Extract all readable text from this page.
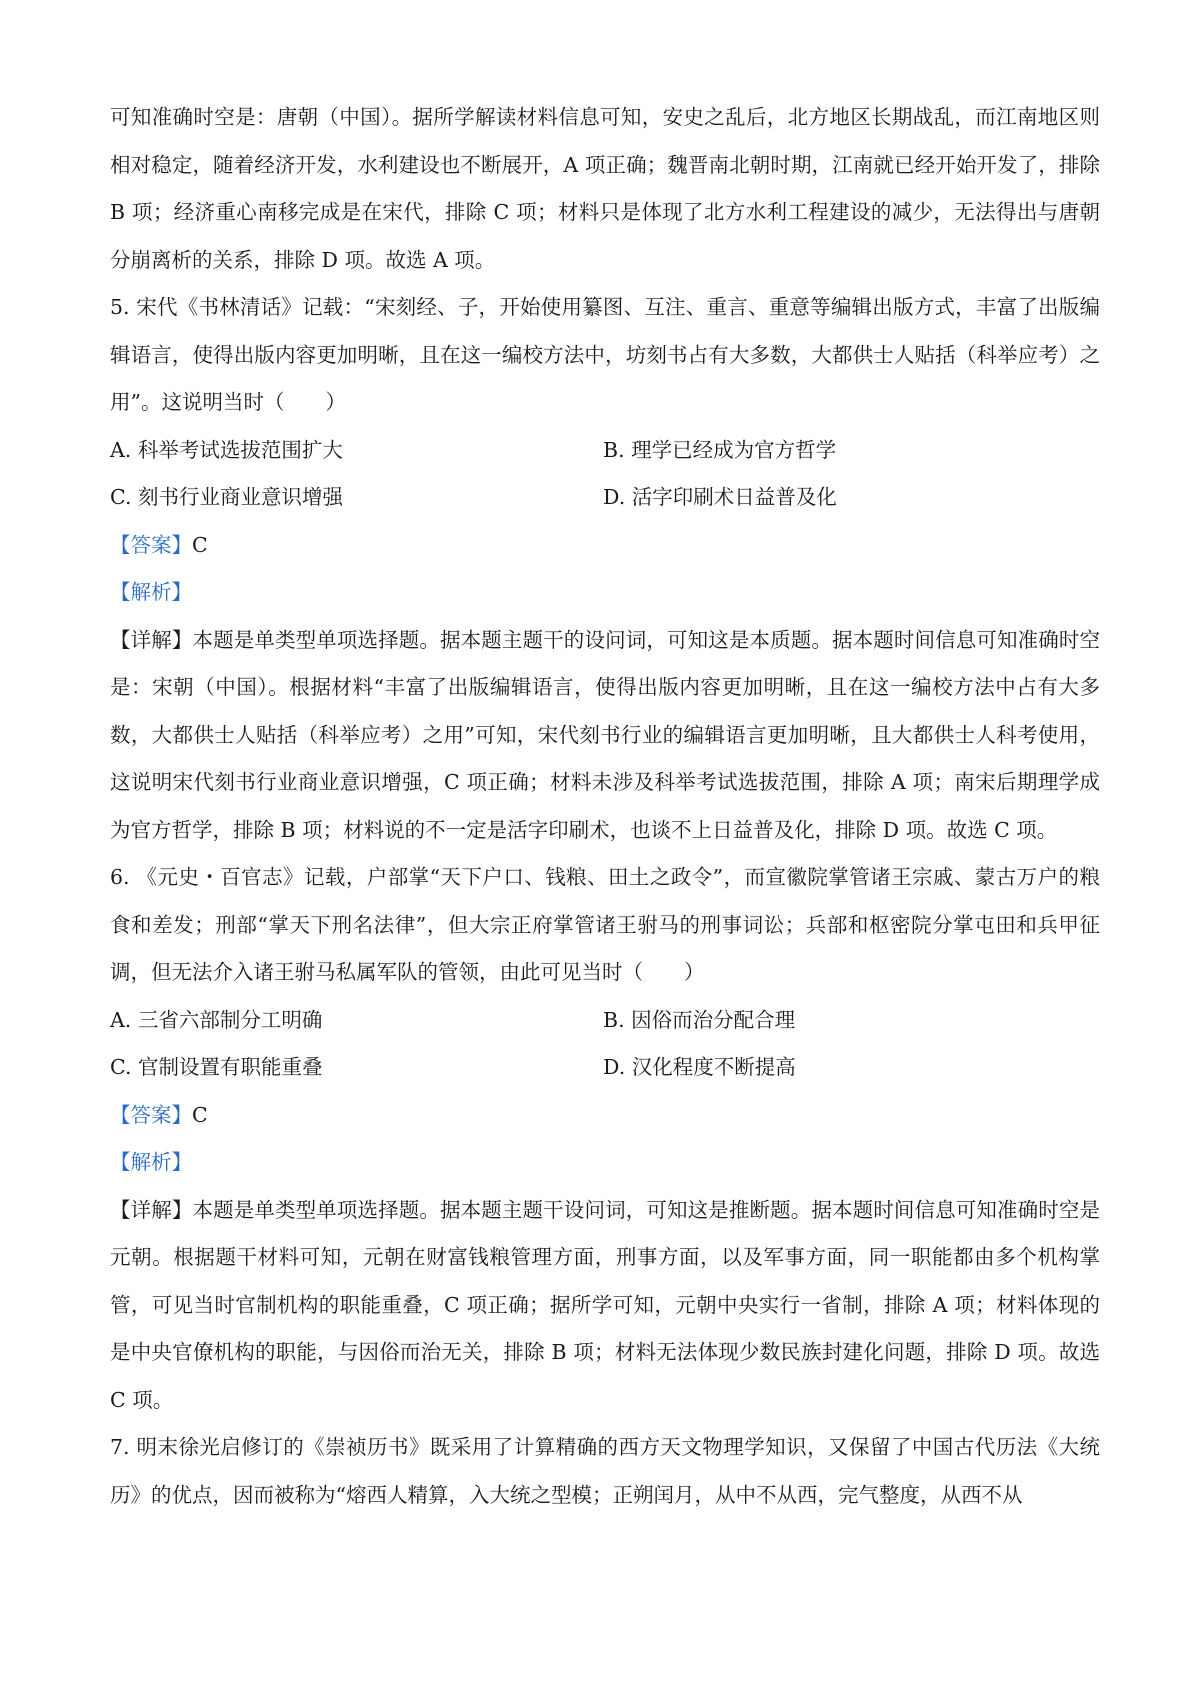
可知准确时空是：唐朝（中国）。据所学解读材料信息可知，安史之乱后，北方地区长期战乱，而江南地区则相对稳定，随着经济开发，水利建设也不断展开，A 项正确；魏晋南北朝时期，江南就已经开始开发了，排除 B 项；经济重心南移完成是在宋代，排除 C 项；材料只是体现了北方水利工程建设的减少，无法得出与唐朝分崩离析的关系，排除 D 项。故选 A 项。

5. 宋代《书林清话》记载：“宋刻经、子，开始使用纂图、互注、重言、重意等编辑出版方式，丰富了出版编辑语言，使得出版内容更加明晰，且在这一编校方法中，坊刻书占有大多数，大都供士人贴括（科举应考）之用”。这说明当时（　　）

A. 科举考试选拔范围扩大	B. 理学已经成为官方哲学
C. 刻书行业商业意识增强	D. 活字印刷术日益普及化

【答案】C

【解析】

【详解】本题是单类型单项选择题。据本题主题干的设问词，可知这是本质题。据本题时间信息可知准确时空是：宋朝（中国）。根据材料“丰富了出版编辑语言，使得出版内容更加明晰，且在这一编校方法中占有大多数，大都供士人贴括（科举应考）之用”可知，宋代刻书行业的编辑语言更加明晰，且大都供士人科考使用，这说明宋代刻书行业商业意识增强，C 项正确；材料未涉及科举考试选拔范围，排除 A 项；南宋后期理学成为官方哲学，排除 B 项；材料说的不一定是活字印刷术，也谈不上日益普及化，排除 D 项。故选 C 项。

6. 《元史・百官志》记载，户部掌“天下户口、钱粮、田土之政令”，而宣徽院掌管诸王宗戚、蒙古万户的粮食和差发；刑部“掌天下刑名法律”，但大宗正府掌管诸王驸马的刑事词讼；兵部和枢密院分掌屯田和兵甲征调，但无法介入诸王驸马私属军队的管领，由此可见当时（　　）

A. 三省六部制分工明确	B. 因俗而治分配合理
C. 官制设置有职能重叠	D. 汉化程度不断提高

【答案】C

【解析】

【详解】本题是单类型单项选择题。据本题主题干设问词，可知这是推断题。据本题时间信息可知准确时空是元朝。根据题干材料可知，元朝在财富钱粮管理方面，刑事方面，以及军事方面，同一职能都由多个机构掌管，可见当时官制机构的职能重叠，C 项正确；据所学可知，元朝中央实行一省制，排除 A 项；材料体现的是中央官僚机构的职能，与因俗而治无关，排除 B 项；材料无法体现少数民族封建化问题，排除 D 项。故选 C 项。

7. 明末徐光启修订的《崇祯历书》既采用了计算精确的西方天文物理学知识，又保留了中国古代历法《大统历》的优点，因而被称为“熔西人精算，入大统之型模；正朔闰月，从中不从西，完气整度，从西不从
